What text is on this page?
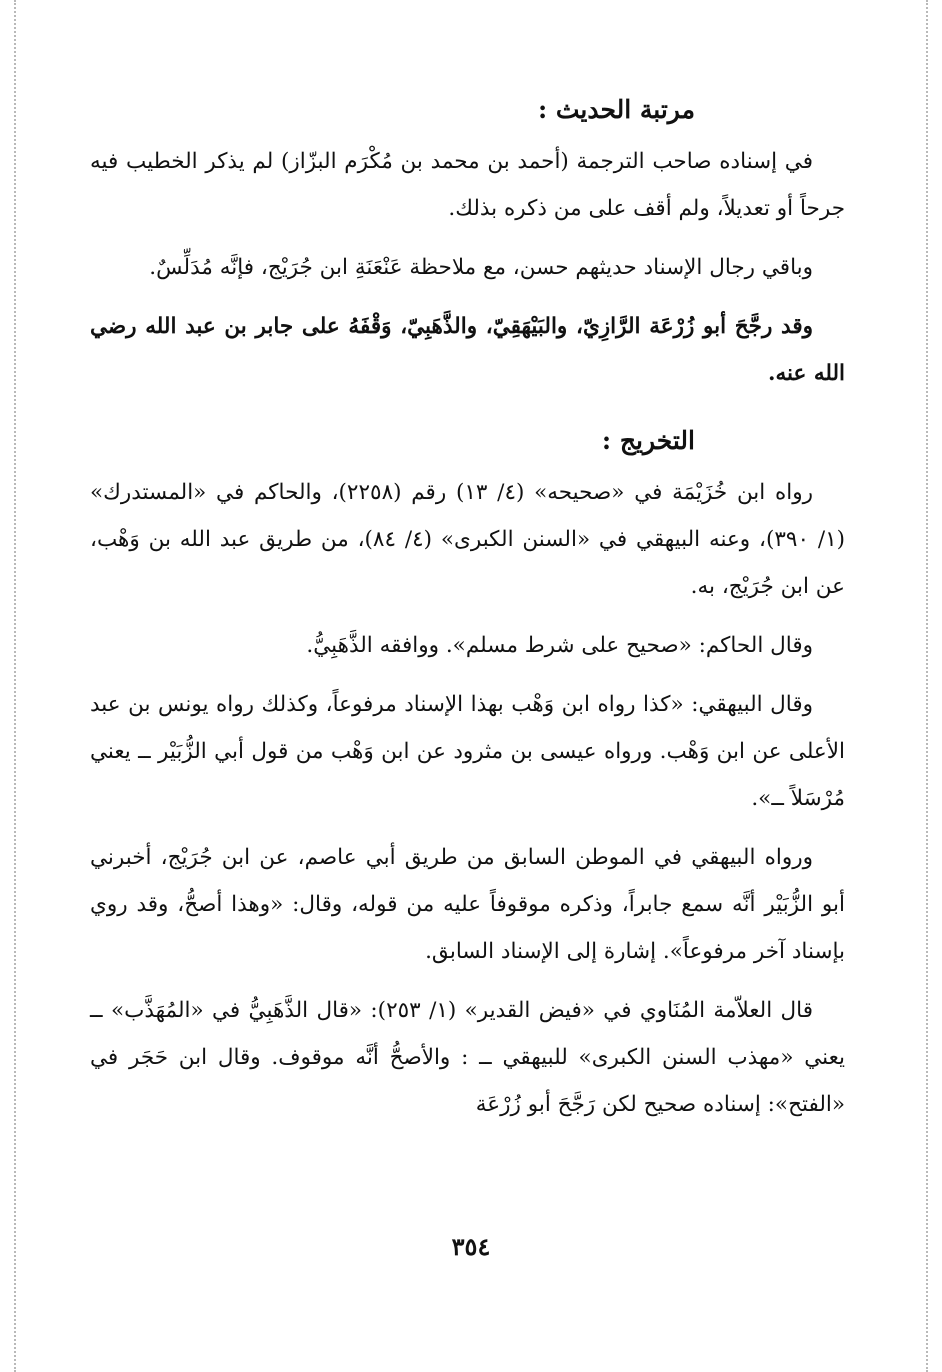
مرتبة الحديث :

في إسناده صاحب الترجمة (أحمد بن محمد بن مُكْرَم البزّاز) لم يذكر الخطيب فيه جرحاً أو تعديلاً، ولم أقف على من ذكره بذلك.

وباقي رجال الإسناد حديثهم حسن، مع ملاحظة عَنْعَنَةِ ابن جُرَيْج، فإنَّه مُدَلِّسٌ.

وقد رجَّحَ أبو زُرْعَة الرَّازِيّ، والبَيْهَقِيّ، والذَّهَبِيّ، وَقْفَهُ على جابر بن عبد الله رضي الله عنه.

التخريج :

رواه ابن خُزَيْمَة في «صحيحه» (٤/ ١٣) رقم (٢٢٥٨)، والحاكم في «المستدرك» (١/ ٣٩٠)، وعنه البيهقي في «السنن الكبرى» (٤/ ٨٤)، من طريق عبد الله بن وَهْب، عن ابن جُرَيْج، به.

وقال الحاكم: «صحيح على شرط مسلم». ووافقه الذَّهَبِيُّ.

وقال البيهقي: «كذا رواه ابن وَهْب بهذا الإسناد مرفوعاً، وكذلك رواه يونس بن عبد الأعلى عن ابن وَهْب. ورواه عيسى بن مثرود عن ابن وَهْب من قول أبي الزُّبَيْر ــ يعني مُرْسَلاً ــ».

ورواه البيهقي في الموطن السابق من طريق أبي عاصم، عن ابن جُرَيْج، أخبرني أبو الزُّبَيْر أنَّه سمع جابراً، وذكره موقوفاً عليه من قوله، وقال: «وهذا أصحُّ، وقد روي بإسناد آخر مرفوعاً». إشارة إلى الإسناد السابق.

قال العلاّمة المُنَاوي في «فيض القدير» (١/ ٢٥٣): «قال الذَّهَبِيُّ في «المُهَذَّب» ــ يعني «مهذب السنن الكبرى» للبيهقي ــ : والأصحُّ أنَّه موقوف. وقال ابن حَجَر في «الفتح»: إسناده صحيح لكن رَجَّحَ أبو زُرْعَة

٣٥٤
